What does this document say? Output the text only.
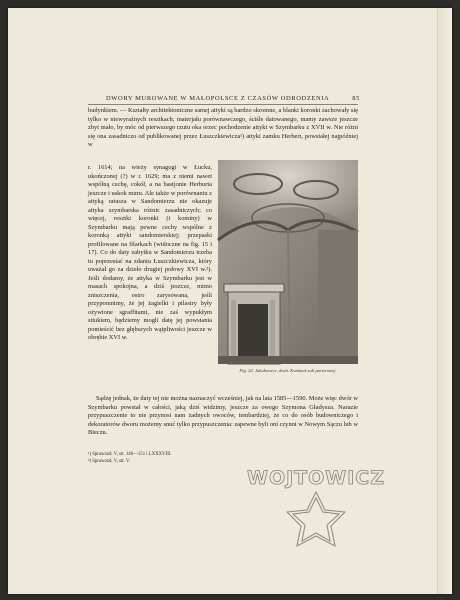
DWORY MUROWANE W MAŁOPOLSCE Z CZASÓW ODRODZENIA	85

budynkiem. — Kształty architektoniczne samej attyki są bardzo skromne, a blanki koronki zachowały się tylko w niewyraźnych resztkach; materjału porównawczego, ściśle datowanego, mamy zawsze jeszcze zbyt mało, by móc od pierwszego rzutu oka orzec pochodzenie attyki w Szymbarku z XVII w. Nie różni się ona zasadniczo od publikowanej przez Łuszczkiewicza¹) attyki zamku Herbert, powstałej najpóźniej w

r. 1614; na wieży synagogi w Łucku, ukończonej (?) w r. 1629; ma z niemi nawet wspólną cechę, cokół, a na bastjonie Herburta jeszcze i uskok muru. Ale także w porównaniu z attyką ratusza w Sandomierzu nie okazuje attyka szymbarska różnic zasadniczych; co więcej, resztki koronki (i kominy) w Szymbarku mają pewne cechy wspólne z koronką attyki sandomierskiej; przepaski profilowane na filarkach (widoczne na fig. 15 i 17). Co do daty zabytku w Sandomierzu trzeba tu poprzestać na zdaniu Łuszczkiewicza, który uważał go za dzieło drugiej połowy XVI w.²). Jeśli dodamy, że attyka w Szymbarku jest w masach spokojna, a dziś jeszcze, mimo zniszczenia, ostro zarysowana, jeśli przypomnimy, że jej żagielki i pilastry były ożywione sgraffitami, nie zaś wypukłym stiukiem, będziemy mogli datę jej powstania pomieścić bez głębszych wątpliwości jeszcze w obrębie XVI w.

Fig. 22. Jakubowice, dwór. Kominek sali parterowej.

Sądzę jednak, że daty tej nie można naznaczyć wcześniej, jak na lata 1585—1590. Może więc dwór w Szymbarku powstał w całości, jaką dziś widzimy, jeszcze za owego Szymona Gładysza. Narazie przypuszczenie to nie przynosi nam żadnych owoców, tembardziej, że co do osób budowniczego i dekoratorów dworu możemy snuć tylko przypuszczenia: zapewne byli oni czynni w Nowym Sączu lub w Bieczu.

¹) Sprawozd. V, str. 146—151 i LXXXVIII.
²) Sprawozd. V, str. V.
WOJTOWICZ
